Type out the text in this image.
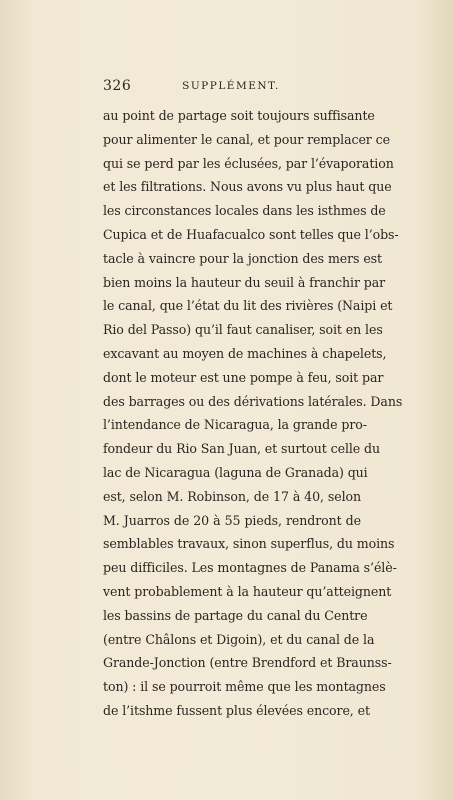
326	SUPPLÉMENT.
au point de partage soit toujours suffisante
pour alimenter le canal, et pour remplacer ce
qui se perd par les éclusées, par l’évaporation
et les filtrations. Nous avons vu plus haut que
les circonstances locales dans les isthmes de
Cupica et de Huafacualco sont telles que l’obs-
tacle à vaincre pour la jonction des mers est
bien moins la hauteur du seuil à franchir par
le canal, que l’état du lit des rivières (Naipi et
Rio del Passo) qu’il faut canaliser, soit en les
excavant au moyen de machines à chapelets,
dont le moteur est une pompe à feu, soit par
des barrages ou des dérivations latérales. Dans
l’intendance de Nicaragua, la grande pro-
fondeur du Rio San Juan, et surtout celle du
lac de Nicaragua (laguna de Granada) qui
est, selon M. Robinson, de 17 à 40, selon
M. Juarros de 20 à 55 pieds, rendront de
semblables travaux, sinon superflus, du moins
peu difficiles. Les montagnes de Panama s’élè-
vent probablement à la hauteur qu’atteignent
les bassins de partage du canal du Centre
(entre Châlons et Digoin), et du canal de la
Grande-Jonction (entre Brendford et Braunss-
ton) : il se pourroit même que les montagnes
de l’itshme fussent plus élevées encore, et
